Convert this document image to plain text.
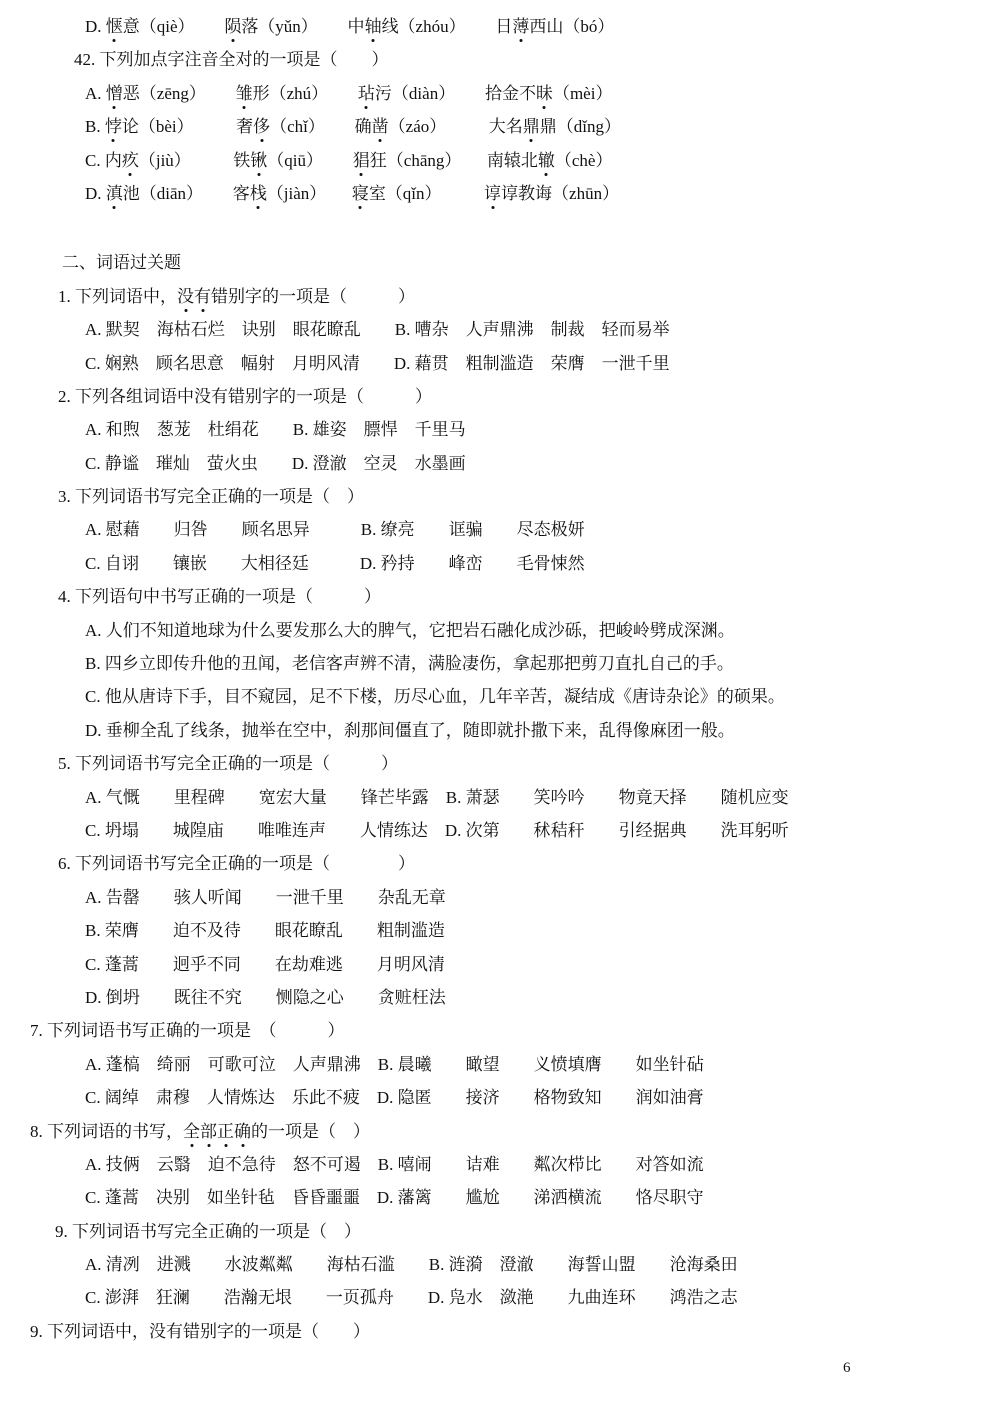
D. 惬意（qiè）　　 陨落（yǔn）　　 中轴线（zhóu）　　 日薄西山（bó）

42. 下列加点字注音全对的一项是（　　）

A. 憎恶（zēng）　　 雏形（zhú）　　 玷污（diàn）　　 拾金不昧（mèi）

B. 悖论（bèi）　　　奢侈（chǐ）　　 确凿（záo）　　　大名鼎鼎（dǐng）

C. 内疚（jiù）　　　铁锹（qiū）　　 猖狂（chāng）　　南辕北辙（chè）

D. 滇池（diān）　　 客栈（jiàn）　　寝室（qǐn）　　　谆谆教诲（zhūn）

二、词语过关题

1. 下列词语中，没有错别字的一项是（　　　）

A. 默契　海枯石烂　诀别　眼花瞭乱　　B. 嘈杂　人声鼎沸　制裁　轻而易举

C. 娴熟　顾名思意　幅射　月明风清　　D. 藉贯　粗制滥造　荣膺　一泄千里

2. 下列各组词语中没有错别字的一项是（　　　）

A. 和煦　葱茏　杜绢花　　B. 雄姿　膘悍　千里马

C. 静谧　璀灿　萤火虫　　D. 澄澈　空灵　水墨画

3. 下列词语书写完全正确的一项是（　）

A. 慰藉　　归咎　　顾名思异　　　B. 缭亮　　诓骗　　尽态极妍

C. 自诩　　镶嵌　　大相径廷　　　D. 矜持　　峰峦　　毛骨悚然

4. 下列语句中书写正确的一项是（　　　）

A. 人们不知道地球为什么要发那么大的脾气，它把岩石融化成沙砾，把峻岭劈成深渊。

B. 四乡立即传升他的丑闻，老信客声辨不清，满脸凄伤，拿起那把剪刀直扎自己的手。

C. 他从唐诗下手，目不窥园，足不下楼，历尽心血，几年辛苦，凝结成《唐诗杂论》的硕果。

D. 垂柳全乱了线条，抛举在空中，刹那间僵直了，随即就扑撒下来，乱得像麻团一般。

5. 下列词语书写完全正确的一项是（　　　）

A. 气慨　　里程碑　　宽宏大量　　锋芒毕露　B. 萧瑟　　笑吟吟　　物竟天择　　随机应变

C. 坍塌　　城隍庙　　唯唯连声　　人情练达　D. 次第　　秫秸秆　　引经据典　　洗耳躬听

6. 下列词语书写完全正确的一项是（　　　　）

A. 告罄　　骇人听闻　　一泄千里　　杂乱无章

B. 荣膺　　迫不及待　　眼花瞭乱　　粗制滥造

C. 蓬蒿　　迥乎不同　　在劫难逃　　月明风清

D. 倒坍　　既往不究　　恻隐之心　　贪赃枉法

7. 下列词语书写正确的一项是　（　　　）

A. 蓬槁　绮丽　可歌可泣　人声鼎沸　B. 晨曦　　瞰望　　义愤填膺　　如坐针砧

C. 阔绰　肃穆　人情炼达　乐此不疲　D. 隐匿　　接济　　格物致知　　润如油膏

8. 下列词语的书写，全部正确的一项是（　）

A. 技俩　云翳　迫不急待　怒不可遏　B. 嘻闹　　诘难　　粼次栉比　　对答如流

C. 蓬蒿　决别　如坐针毡　昏昏噩噩　D. 藩篱　　尴尬　　涕洒横流　　恪尽职守

9. 下列词语书写完全正确的一项是（　）

A. 清冽　进溅　　水波粼粼　　海枯石滥　　B. 涟漪　澄澈　　海誓山盟　　沧海桑田

C. 澎湃　狂澜　　浩瀚无垠　　一页孤舟　　D. 凫水　潋滟　　九曲连环　　鸿浩之志

9. 下列词语中，没有错别字的一项是（　　）

6
